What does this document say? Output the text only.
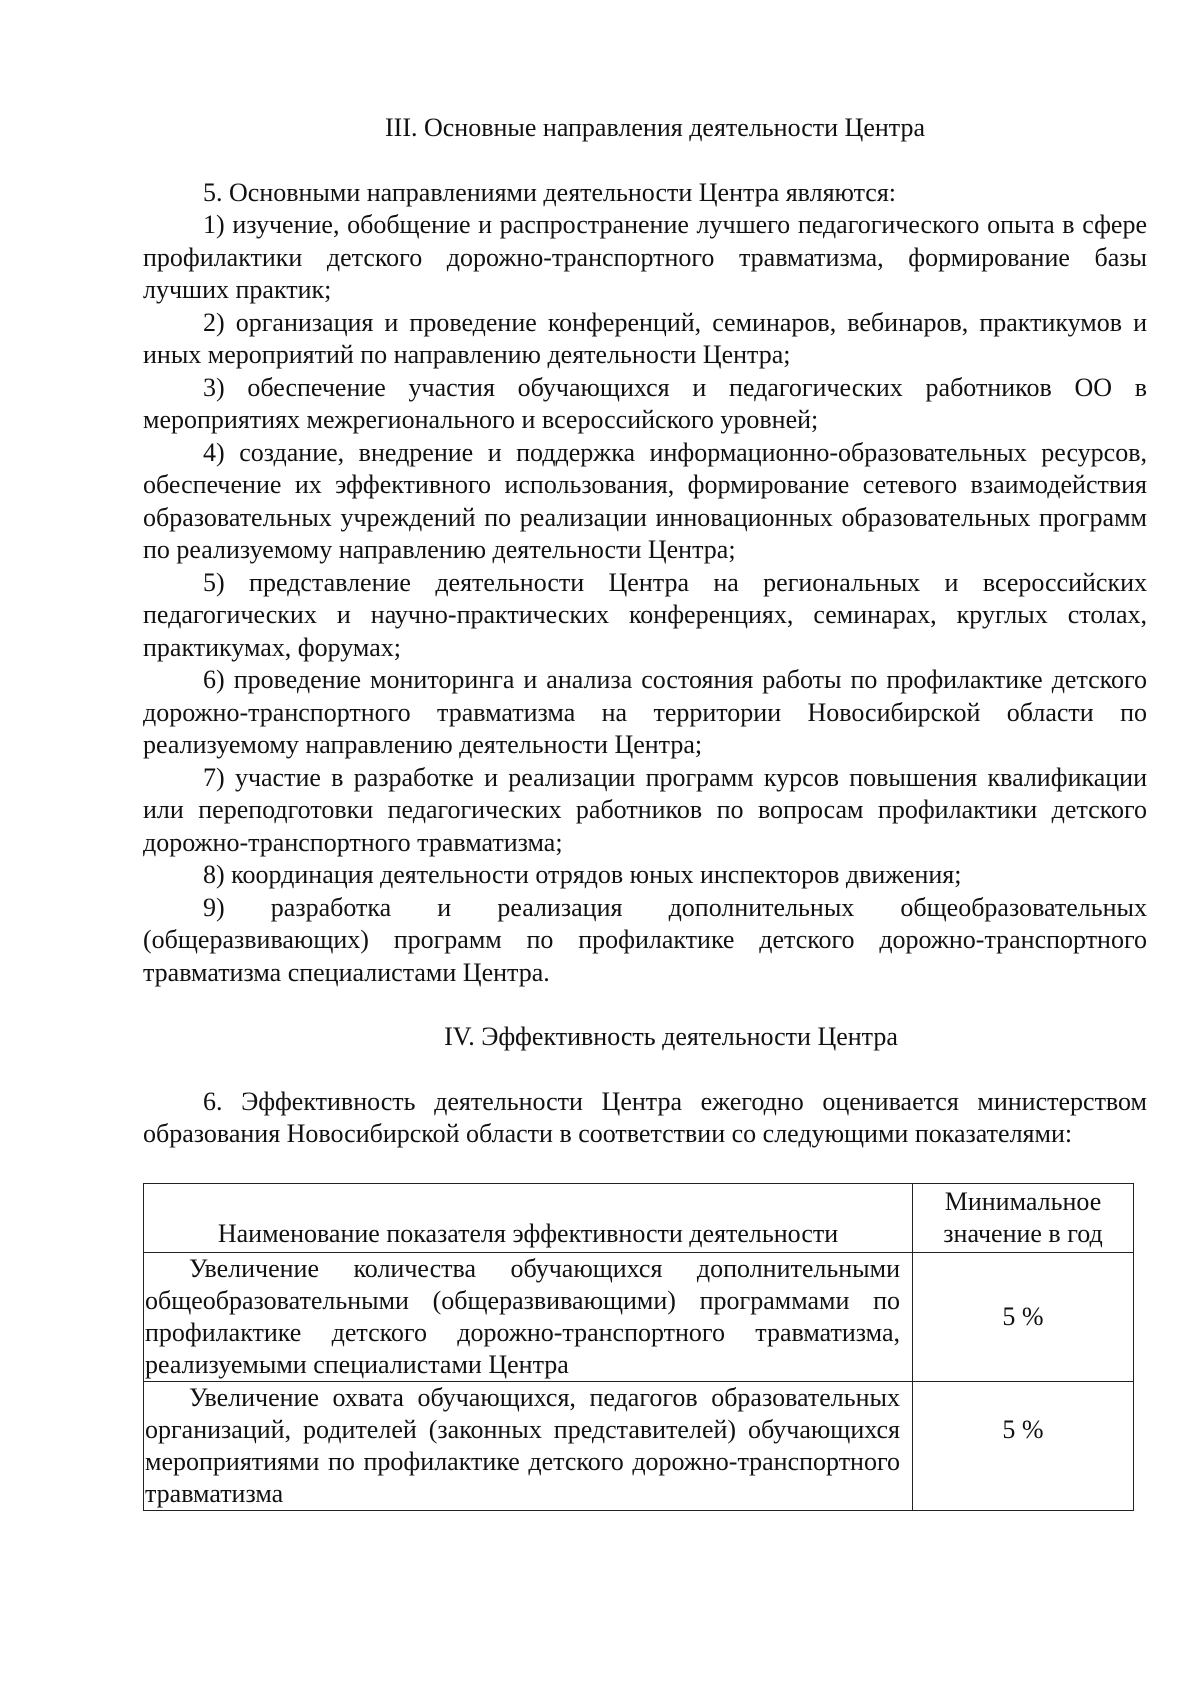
III. Основные направления деятельности Центра

5. Основными направлениями деятельности Центра являются:

1) изучение, обобщение и распространение лучшего педагогического опыта в сфере профилактики детского дорожно-транспортного травматизма, формирование базы лучших практик;

2) организация и проведение конференций, семинаров, вебинаров, практикумов и иных мероприятий по направлению деятельности Центра;

3) обеспечение участия обучающихся и педагогических работников ОО в мероприятиях межрегионального и всероссийского уровней;

4) создание, внедрение и поддержка информационно-образовательных ресурсов, обеспечение их эффективного использования, формирование сетевого взаимодействия образовательных учреждений по реализации инновационных образовательных программ по реализуемому направлению деятельности Центра;

5) представление деятельности Центра на региональных и всероссийских педагогических и научно-практических конференциях, семинарах, круглых столах, практикумах, форумах;

6) проведение мониторинга и анализа состояния работы по профилактике детского дорожно-транспортного травматизма на территории Новосибирской области по реализуемому направлению деятельности Центра;

7) участие в разработке и реализации программ курсов повышения квалификации или переподготовки педагогических работников по вопросам профилактики детского дорожно-транспортного травматизма;

8) координация деятельности отрядов юных инспекторов движения;

9) разработка и реализация дополнительных общеобразовательных (общеразвивающих) программ по профилактике детского дорожно-транспортного травматизма специалистами Центра.

IV. Эффективность деятельности Центра

6. Эффективность деятельности Центра ежегодно оценивается министерством образования Новосибирской области в соответствии со следующими показателями:

Наименование показателя эффективности деятельности	Минимальное значение в год
Увеличение количества обучающихся дополнительными общеобразовательными (общеразвивающими) программами по профилактике детского дорожно-транспортного травматизма, реализуемыми специалистами Центра	5 %
Увеличение охвата обучающихся, педагогов образовательных организаций, родителей (законных представителей) обучающихся мероприятиями по профилактике детского дорожно-транспортного травматизма	5 %
